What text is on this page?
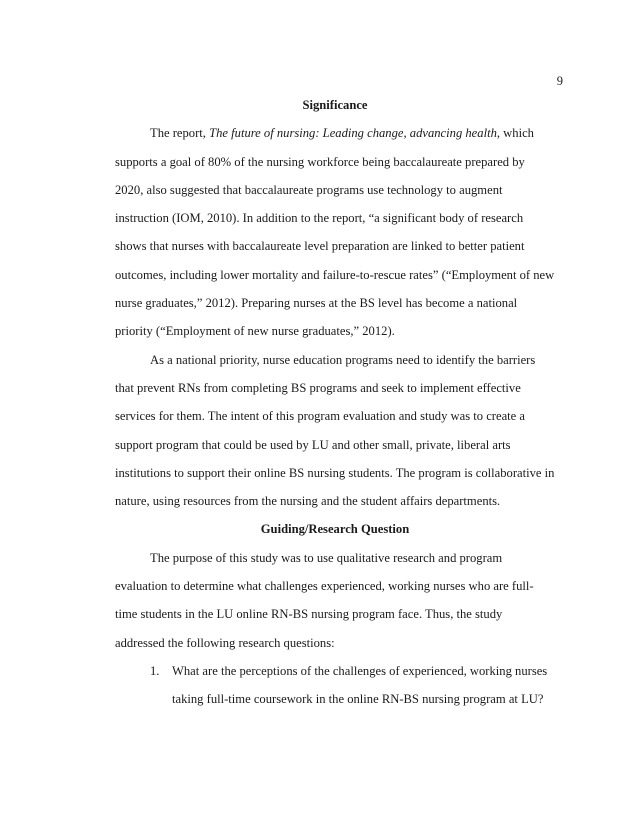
9

Significance

The report, The future of nursing: Leading change, advancing health, which supports a goal of 80% of the nursing workforce being baccalaureate prepared by 2020, also suggested that baccalaureate programs use technology to augment instruction (IOM, 2010). In addition to the report, “a significant body of research shows that nurses with baccalaureate level preparation are linked to better patient outcomes, including lower mortality and failure-to-rescue rates” (“Employment of new nurse graduates,” 2012). Preparing nurses at the BS level has become a national priority (“Employment of new nurse graduates,” 2012).

As a national priority, nurse education programs need to identify the barriers that prevent RNs from completing BS programs and seek to implement effective services for them. The intent of this program evaluation and study was to create a support program that could be used by LU and other small, private, liberal arts institutions to support their online BS nursing students. The program is collaborative in nature, using resources from the nursing and the student affairs departments.

Guiding/Research Question

The purpose of this study was to use qualitative research and program evaluation to determine what challenges experienced, working nurses who are full-time students in the LU online RN-BS nursing program face. Thus, the study addressed the following research questions:

1. What are the perceptions of the challenges of experienced, working nurses taking full-time coursework in the online RN-BS nursing program at LU?
